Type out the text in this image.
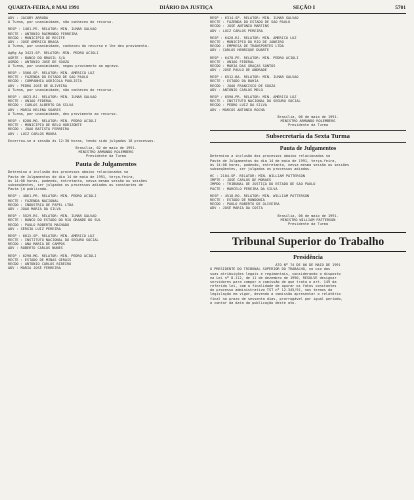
QUARTA-FEIRA, 8 MAI 1991	DIÁRIO DA JUSTIÇA	SEÇÃO I	5701
ADV : JACOBY ARRUDA
A Turma, por unanimidade, não conheceu do recurso.
RESP : 1481-PE. RELATOR: MIN. ILMAR GALVÃO
RECTE : ANTONIO RAIMUNDO FERREIRA
RECDO : MUNICÍPIO DE RECIFE
ADV : JOSÉ AMÉRICO BRAGA
A Turma, por unanimidade, conheceu do recurso e lhe deu provimento.
AgRg Ag 3423-SP. RELATOR: MIN. PEDRO ACIOLI
AGRTE : BANCO DO BRASIL S/A
AGRDO : ANTONIO JOSÉ DE SOUZA
A Turma, por unanimidade, negou provimento ao agravo.
RESP : 5566-SP. RELATOR: MIN. AMÉRICO LUZ
RECTE : FAZENDA DO ESTADO DE SÃO PAULO
RECDO : COMPANHIA AGRÍCOLA PAULISTA
ADV : PEDRO JOSÉ DE OLIVEIRA
A Turma, por unanimidade, não conheceu do recurso.
RESP : 4023-RJ. RELATOR: MIN. ILMAR GALVÃO
RECTE : UNIÃO FEDERAL
RECDO : CARLOS ALBERTO DA SILVA
ADV : MARIA HELENA SOARES
A Turma, por unanimidade, deu provimento ao recurso.
RESP : 6288-MG. RELATOR: MIN. PEDRO ACIOLI
RECTE : MUNICÍPIO DE BELO HORIZONTE
RECDO : JOÃO BATISTA FERREIRA
ADV : LUIZ CARLOS MOURA
Encerrou-se a sessão às 12:30 horas, tendo sido julgados 18 processos.
Brasília, 02 de maio de 1991.
MINISTRO ARMANDO ROLEMBERG
Presidente da Turma
Pauta de Julgamentos
Determino a inclusão dos processos abaixo relacionados na
Pauta de Julgamentos do dia 14 de maio de 1991, terça-feira,
às 14:00 horas, podendo, entretanto, nessa mesma sessão ou sessões
subseqüentes, ser julgados os processos adiados ou constantes de
Pauta já publicada.
RESP : 4861-PR. RELATOR: MIN. PEDRO ACIOLI
RECTE : FAZENDA NACIONAL
RECDO : INDÚSTRIA DE PAPEL LTDA
ADV : JOÃO MARIA DA SILVA
RESP : 5529-RS. RELATOR: MIN. ILMAR GALVÃO
RECTE : BANCO DO ESTADO DO RIO GRANDE DO SUL
RECDO : PAULO ROBERTO MACHADO
ADV : SÉRGIO LUIZ PEREIRA
RESP : 6012-SP. RELATOR: MIN. AMÉRICO LUZ
RECTE : INSTITUTO NACIONAL DO SEGURO SOCIAL
RECDO : ANA MARIA DE CAMPOS
ADV : ROBERTO CARLOS NUNES
RESP : 6290-MG. RELATOR: MIN. PEDRO ACIOLI
RECTE : ESTADO DE MINAS GERAIS
RECDO : ANTÔNIO CARLOS RIBEIRO
ADV : MARIA JOSÉ FERREIRA
RESP : 6314-SP. RELATOR: MIN. ILMAR GALVÃO
RECTE : FAZENDA DO ESTADO DE SÃO PAULO
RECDO : JOSÉ ANTÔNIO MARTINS
ADV : LUIZ CARLOS PEREIRA
RESP : 6420-RJ. RELATOR: MIN. AMÉRICO LUZ
RECTE : MUNICÍPIO DO RIO DE JANEIRO
RECDO : EMPRESA DE TRANSPORTES LTDA
ADV : CARLOS HENRIQUE DUARTE
RESP : 6478-PE. RELATOR: MIN. PEDRO ACIOLI
RECTE : UNIÃO FEDERAL
RECDO : MARIA DAS GRAÇAS SANTOS
ADV : JOSÉ PAULO DE ANDRADE
RESP : 6512-BA. RELATOR: MIN. ILMAR GALVÃO
RECTE : ESTADO DA BAHIA
RECDO : JOÃO FRANCISCO DE SOUZA
ADV : ANTÔNIO CARLOS MELO
RESP : 6590-PR. RELATOR: MIN. AMÉRICO LUZ
RECTE : INSTITUTO NACIONAL DO SEGURO SOCIAL
RECDO : PEDRO LUIZ DA SILVA
ADV : MARCOS ANTÔNIO ROCHA
Brasília, 06 de maio de 1991.
MINISTRO ARMANDO ROLEMBERG
Presidente da Turma
Subsecretaria da Sexta Turma
Pauta de Julgamentos
Determino a inclusão dos processos abaixo relacionados na
Pauta de Julgamentos do dia 14 de maio de 1991, terça-feira,
às 14:00 horas, podendo, entretanto, nessa mesma sessão ou sessões
subseqüentes, ser julgados os processos adiados.
HC : 2104-SP. RELATOR: MIN. WILLIAM PATTERSON
IMPTE : JOSÉ CARLOS DE MORAES
IMPDO : TRIBUNAL DE JUSTIÇA DO ESTADO DE SÃO PAULO
PACTE : MARCELO PEREIRA DA SILVA
RESP : 4518-RO. RELATOR: MIN. WILLIAM PATTERSON
RECTE : ESTADO DE RONDÔNIA
RECDO : PAULO ROBERTO DE OLIVEIRA
ADV : JOSÉ MARIA DA COSTA
Brasília, 06 de maio de 1991.
MINISTRO WILLIAM PATTERSON
Presidente da Turma
Tribunal Superior do Trabalho
Presidência
ATO Nº 74 DE 06 DE MAIO DE 1991
O PRESIDENTE DO TRIBUNAL SUPERIOR DO TRABALHO, no uso das
suas atribuições legais e regimentais, considerando o disposto
na Lei nº 8.112, de 11 de dezembro de 1990, RESOLVE designar
servidores para compor a comissão de que trata o art. 149 da
referida lei, com a finalidade de apurar os fatos constantes
do processo administrativo TST nº 12.345/91, nos termos da
legislação em vigor, devendo a comissão apresentar o relatório
final no prazo de sessenta dias, prorrogável por igual período,
a contar da data da publicação deste ato.
